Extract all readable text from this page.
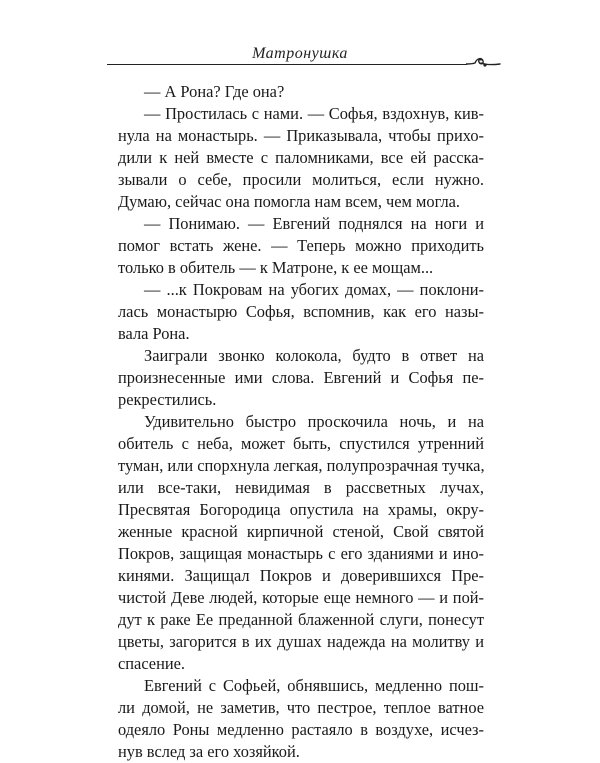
Матронушка
— А Рона? Где она?
— Простилась с нами. — Софья, вздохнув, кив-
нула на монастырь. — Приказывала, чтобы прихо-
дили к ней вместе с паломниками, все ей расска-
зывали о себе, просили молиться, если нужно.
Думаю, сейчас она помогла нам всем, чем могла.
— Понимаю. — Евгений поднялся на ноги и
помог встать жене. — Теперь можно приходить
только в обитель — к Матроне, к ее мощам...
— ...к Покровам на убогих домах, — поклони-
лась монастырю Софья, вспомнив, как его назы-
вала Рона.
Заиграли звонко колокола, будто в ответ на
произнесенные ими слова. Евгений и Софья пе-
рекрестились.
Удивительно быстро проскочила ночь, и на
обитель с неба, может быть, спустился утренний
туман, или спорхнула легкая, полупрозрачная тучка,
или все-таки, невидимая в рассветных лучах,
Пресвятая Богородица опустила на храмы, окру-
женные красной кирпичной стеной, Свой святой
Покров, защищая монастырь с его зданиями и ино-
кинями. Защищал Покров и доверившихся Пре-
чистой Деве людей, которые еще немного — и пой-
дут к раке Ее преданной блаженной слуги, понесут
цветы, загорится в их душах надежда на молитву и
спасение.
Евгений с Софьей, обнявшись, медленно пош-
ли домой, не заметив, что пестрое, теплое ватное
одеяло Роны медленно растаяло в воздухе, исчез-
нув вслед за его хозяйкой.
